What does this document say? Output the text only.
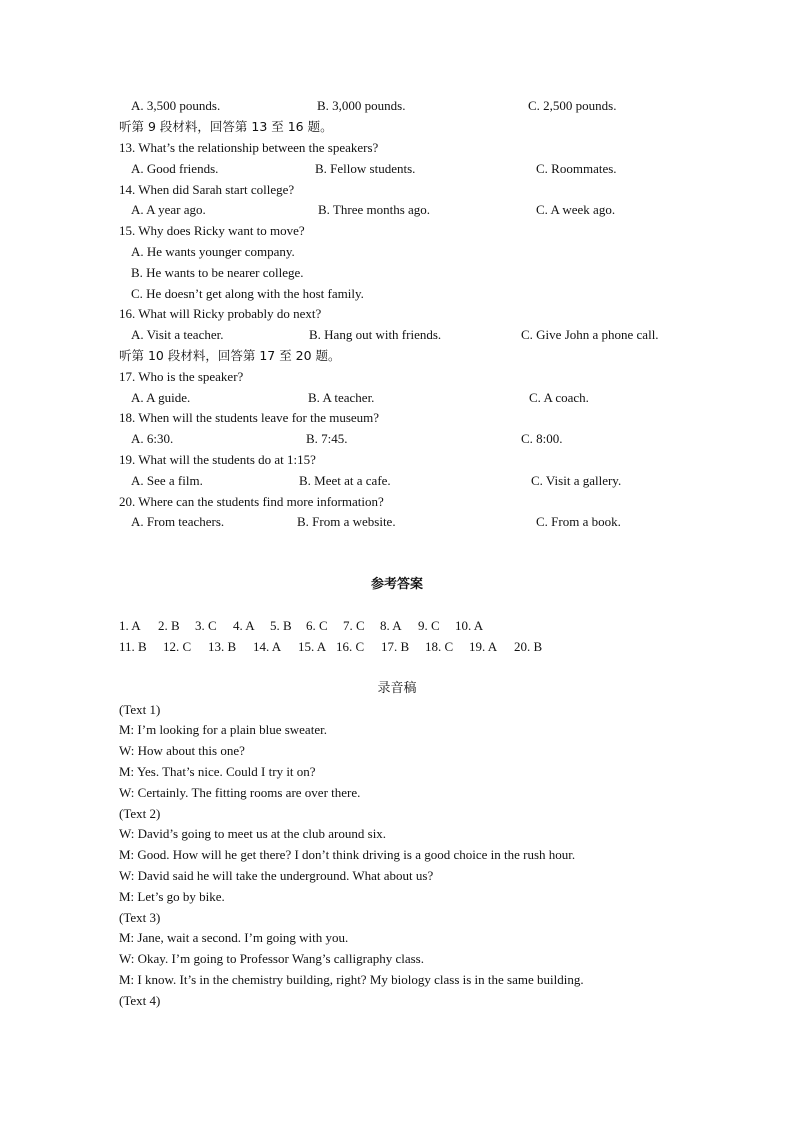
A. 3,500 pounds.	B. 3,000 pounds.	C. 2,500 pounds.
听第 9 段材料，回答第 13 至 16 题。
13. What’s the relationship between the speakers?
A. Good friends.	B. Fellow students.	C. Roommates.
14. When did Sarah start college?
A. A year ago.	B. Three months ago.	C. A week ago.
15. Why does Ricky want to move?
A. He wants younger company.
B. He wants to be nearer college.
C. He doesn’t get along with the host family.
16. What will Ricky probably do next?
A. Visit a teacher.	B. Hang out with friends.	C. Give John a phone call.
听第 10 段材料，回答第 17 至 20 题。
17. Who is the speaker?
A. A guide.	B. A teacher.	C. A coach.
18. When will the students leave for the museum?
A. 6:30.	B. 7:45.	C. 8:00.
19. What will the students do at 1:15?
A. See a film.	B. Meet at a cafe.	C. Visit a gallery.
20. Where can the students find more information?
A. From teachers.	B. From a website.	C. From a book.
参考答案
1. A 2. B 3. C 4. A 5. B 6. C 7. C 8. A 9. C 10. A
11. B 12. C 13. B 14. A 15. A 16. C 17. B 18. C 19. A 20. B
录音稿
(Text 1)
M: I’m looking for a plain blue sweater.
W: How about this one?
M: Yes. That’s nice. Could I try it on?
W: Certainly. The fitting rooms are over there.
(Text 2)
W: David’s going to meet us at the club around six.
M: Good. How will he get there? I don’t think driving is a good choice in the rush hour.
W: David said he will take the underground. What about us?
M: Let’s go by bike.
(Text 3)
M: Jane, wait a second. I’m going with you.
W: Okay. I’m going to Professor Wang’s calligraphy class.
M: I know. It’s in the chemistry building, right? My biology class is in the same building.
(Text 4)
